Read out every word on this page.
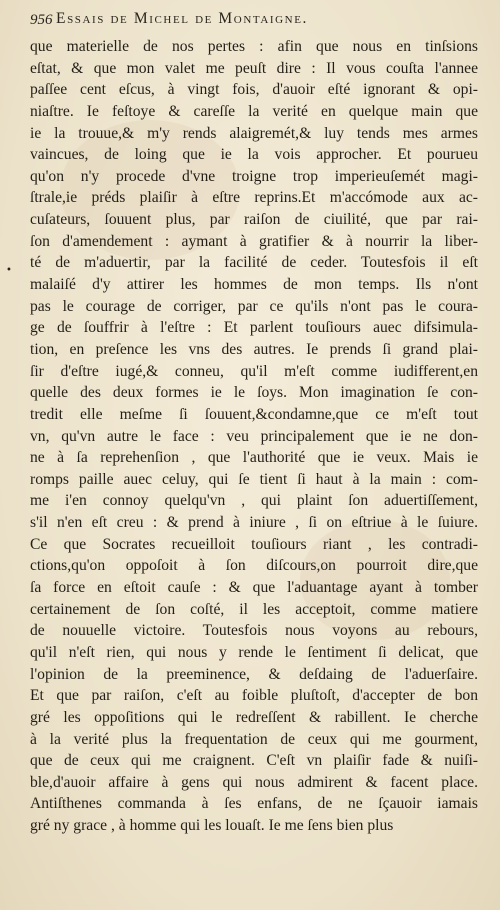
956 Essais de Michel de Montaigne.
•
que materielle de nos pertes : afin que nous en tinſsions
eſtat, & que mon valet me peuſt dire : Il vous couſta l'annee
paſſee cent eſcus, à vingt fois, d'auoir eſté ignorant & opi-
niaſtre. Ie feſtoye & careſſe la verité en quelque main que
ie la trouue,& m'y rends alaigremét,& luy tends mes armes
vaincues, de loing que ie la vois approcher. Et pourueu
qu'on n'y procede d'vne troigne trop imperieuſemét magi-
ſtrale,ie préds plaiſir à eſtre reprins.Et m'accómode aux ac-
cuſateurs, ſouuent plus, par raiſon de ciuilité, que par rai-
ſon d'amendement : aymant à gratifier & à nourrir la liber-
té de m'aduertir, par la facilité de ceder. Toutesfois il eſt
malaiſé d'y attirer les hommes de mon temps. Ils n'ont
pas le courage de corriger, par ce qu'ils n'ont pas le coura-
ge de ſouffrir à l'eſtre : Et parlent touſiours auec difsimula-
tion, en preſence les vns des autres. Ie prends ſi grand plai-
ſir d'eſtre iugé,& conneu, qu'il m'eſt comme iudifferent,en
quelle des deux formes ie le ſoys. Mon imagination ſe con-
tredit elle meſme ſi ſouuent,&condamne,que ce m'eſt tout
vn, qu'vn autre le face : veu principalement que ie ne don-
ne à ſa reprehenſion , que l'authorité que ie veux. Mais ie
romps paille auec celuy, qui ſe tient ſi haut à la main : com-
me i'en connoy quelqu'vn , qui plaint ſon aduertiſſement,
s'il n'en eſt creu : & prend à iniure , ſi on eſtriue à le ſuiure.
Ce que Socrates recueilloit touſiours riant , les contradi-
ctions,qu'on oppoſoit à ſon diſcours,on pourroit dire,que
ſa force en eſtoit cauſe : & que l'aduantage ayant à tomber
certainement de ſon coſté, il les acceptoit, comme matiere
de nouuelle victoire. Toutesfois nous voyons au rebours,
qu'il n'eſt rien, qui nous y rende le ſentiment ſi delicat, que
l'opinion de la preeminence, & deſdaing de l'aduerſaire.
Et que par raiſon, c'eſt au foible pluſtoſt, d'accepter de bon
gré les oppoſitions qui le redreſſent & rabillent. Ie cherche
à la verité plus la frequentation de ceux qui me gourment,
que de ceux qui me craignent. C'eſt vn plaiſir fade & nuiſi-
ble,d'auoir affaire à gens qui nous admirent & facent place.
Antiſthenes commanda à ſes enfans, de ne ſçauoir iamais
gré ny grace , à homme qui les louaſt. Ie me ſens bien plus
